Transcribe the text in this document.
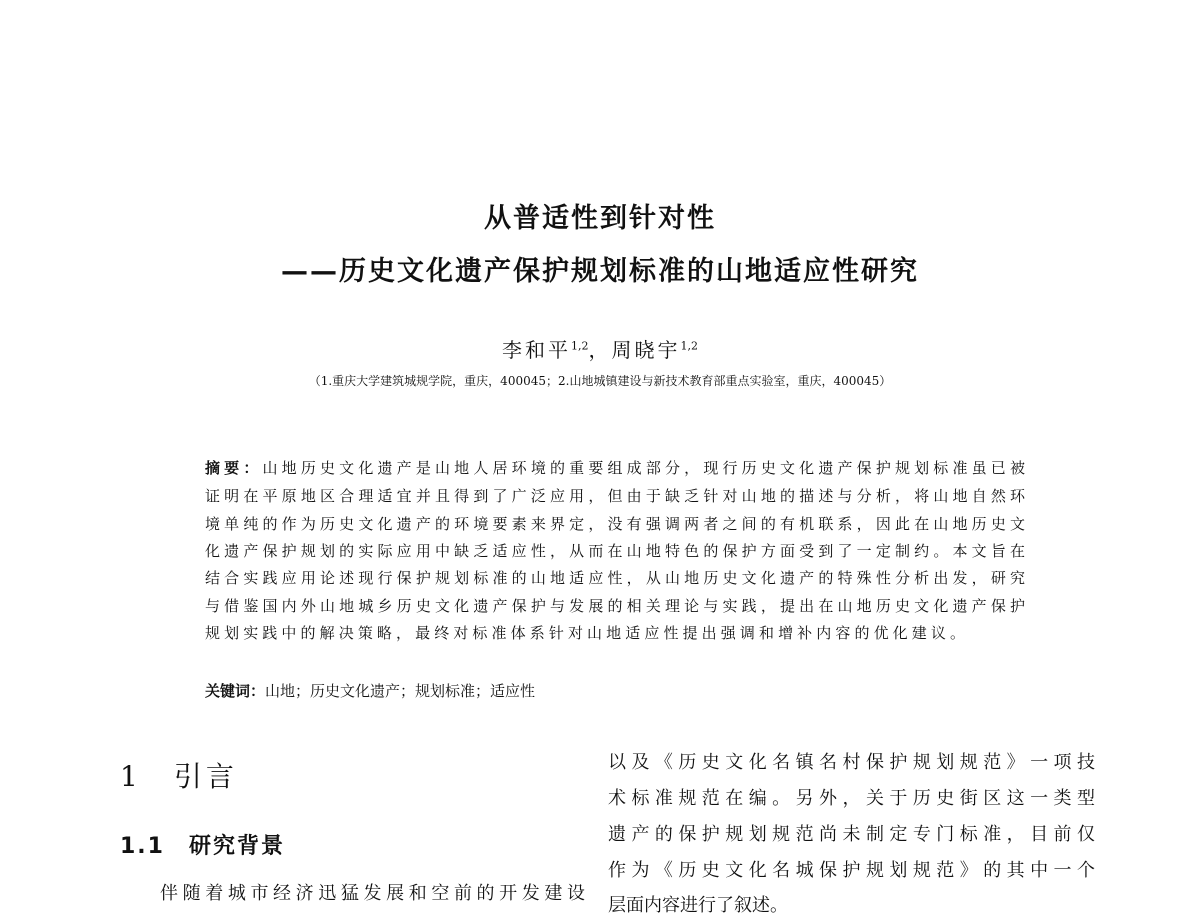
从普适性到针对性
——历史文化遗产保护规划标准的山地适应性研究
李和平$^{1,2}$，周晓宇$^{1,2}$
（1.重庆大学建筑城规学院，重庆，400045；2.山地城镇建设与新技术教育部重点实验室，重庆，400045）
摘要：山地历史文化遗产是山地人居环境的重要组成部分，现行历史文化遗产保护规划标准虽已被
证明在平原地区合理适宜并且得到了广泛应用，但由于缺乏针对山地的描述与分析，将山地自然环
境单纯的作为历史文化遗产的环境要素来界定，没有强调两者之间的有机联系，因此在山地历史文
化遗产保护规划的实际应用中缺乏适应性，从而在山地特色的保护方面受到了一定制约。本文旨在
结合实践应用论述现行保护规划标准的山地适应性，从山地历史文化遗产的特殊性分析出发，研究
与借鉴国内外山地城乡历史文化遗产保护与发展的相关理论与实践，提出在山地历史文化遗产保护
规划实践中的解决策略，最终对标准体系针对山地适应性提出强调和增补内容的优化建议。
关键词：山地；历史文化遗产；规划标准；适应性
1　引言
1.1　研究背景
伴随着城市经济迅猛发展和空前的开发建设
以及《历史文化名镇名村保护规划规范》一项技
术标准规范在编。另外，关于历史街区这一类型
遗产的保护规划规范尚未制定专门标准，目前仅
作为《历史文化名城保护规划规范》的其中一个
层面内容进行了叙述。
